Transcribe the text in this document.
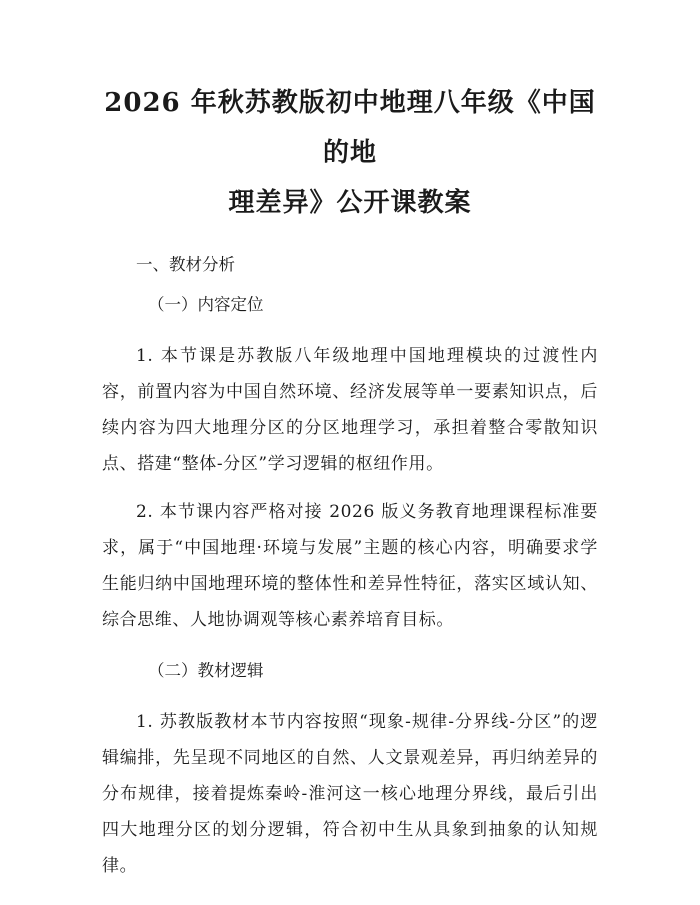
2026 年秋苏教版初中地理八年级《中国的地
理差异》公开课教案

一、教材分析

（一）内容定位

1. 本节课是苏教版八年级地理中国地理模块的过渡性内容，前置内容为中国自然环境、经济发展等单一要素知识点，后续内容为四大地理分区的分区地理学习，承担着整合零散知识点、搭建“整体-分区”学习逻辑的枢纽作用。

2. 本节课内容严格对接 2026 版义务教育地理课程标准要求，属于“中国地理·环境与发展”主题的核心内容，明确要求学生能归纳中国地理环境的整体性和差异性特征，落实区域认知、综合思维、人地协调观等核心素养培育目标。

（二）教材逻辑

1. 苏教版教材本节内容按照“现象-规律-分界线-分区”的逻辑编排，先呈现不同地区的自然、人文景观差异，再归纳差异的分布规律，接着提炼秦岭-淮河这一核心地理分界线，最后引出四大地理分区的划分逻辑，符合初中生从具象到抽象的认知规律。
